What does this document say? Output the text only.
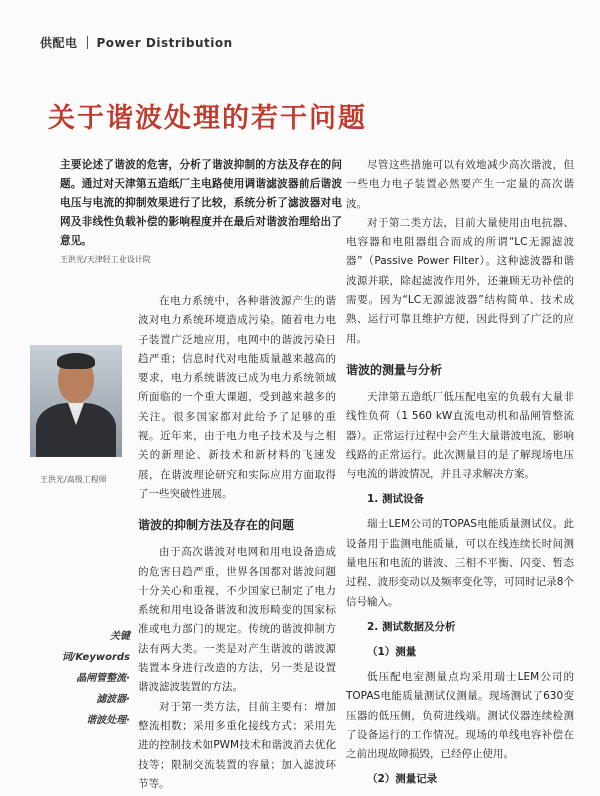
供配电 Power Distribution
关于谐波处理的若干问题
主要论述了谐波的危害，分析了谐波抑制的方法及存在的问题。通过对天津第五造纸厂主电路使用调谐滤波器前后谐波电压与电流的抑制效果进行了比较，系统分析了滤波器对电网及非线性负载补偿的影响程度并在最后对谐波治理给出了意见。
王洪光/天津轻工业设计院
王洪光/高级工程师
关键词/Keywords
晶闸管整流·
滤波器·
谐波处理·

在电力系统中，各种谐波源产生的谐波对电力系统环境造成污染。随着电力电子装置广泛地应用，电网中的谐波污染日趋严重；信息时代对电能质量越来越高的要求，电力系统谐波已成为电力系统领域所面临的一个重大课题，受到越来越多的关注。很多国家都对此给予了足够的重视。近年来，由于电力电子技术及与之相关的新理论、新技术和新材料的飞速发展，在谐波理论研究和实际应用方面取得了一些突破性进展。

谐波的抑制方法及存在的问题

由于高次谐波对电网和用电设备造成的危害日趋严重，世界各国都对谐波问题十分关心和重视，不少国家已制定了电力系统和用电设备谐波和波形畸变的国家标准或电力部门的规定。传统的谐波抑制方法有两大类。一类是对产生谐波的谐波源装置本身进行改造的方法，另一类是设置谐波滤波装置的方法。

对于第一类方法，目前主要有：增加整流相数；采用多重化接线方式；采用先进的控制技术如PWM技术和谐波消去优化技等；限制交流装置的容量；加入滤波环节等。

尽管这些措施可以有效地减少高次谐波，但一些电力电子装置必然要产生一定量的高次谐波。

对于第二类方法，目前大量使用由电抗器、电容器和电阻器组合而成的所谓“LC无源滤波器”（Passive Power Filter）。这种滤波器和谐波源并联，除起滤波作用外，还兼顾无功补偿的需要。因为“LC无源滤波器”结构简单、技术成熟、运行可靠且维护方便，因此得到了广泛的应用。

谐波的测量与分析

天津第五造纸厂低压配电室的负载有大量非线性负荷（1 560 kW直流电动机和晶闸管整流器）。正常运行过程中会产生大量谐波电流，影响线路的正常运行。此次测量目的是了解现场电压与电流的谐波情况，并且寻求解决方案。

1. 测试设备

瑞士LEM公司的TOPAS电能质量测试仪。此设备用于监测电能质量，可以在线连续长时间测量电压和电流的谐波、三相不平衡、闪变、暂态过程、波形变动以及频率变化等，可同时记录8个信号输入。

2. 测试数据及分析
（1）测量

低压配电室测量点均采用瑞士LEM公司的TOPAS电能质量测试仪测量。现场测试了630变压器的低压侧，负荷进线端。测试仪器连续检测了设备运行的工作情况。现场的单线电容补偿在之前出现故障损毁，已经停止使用。

（2）测量记录
